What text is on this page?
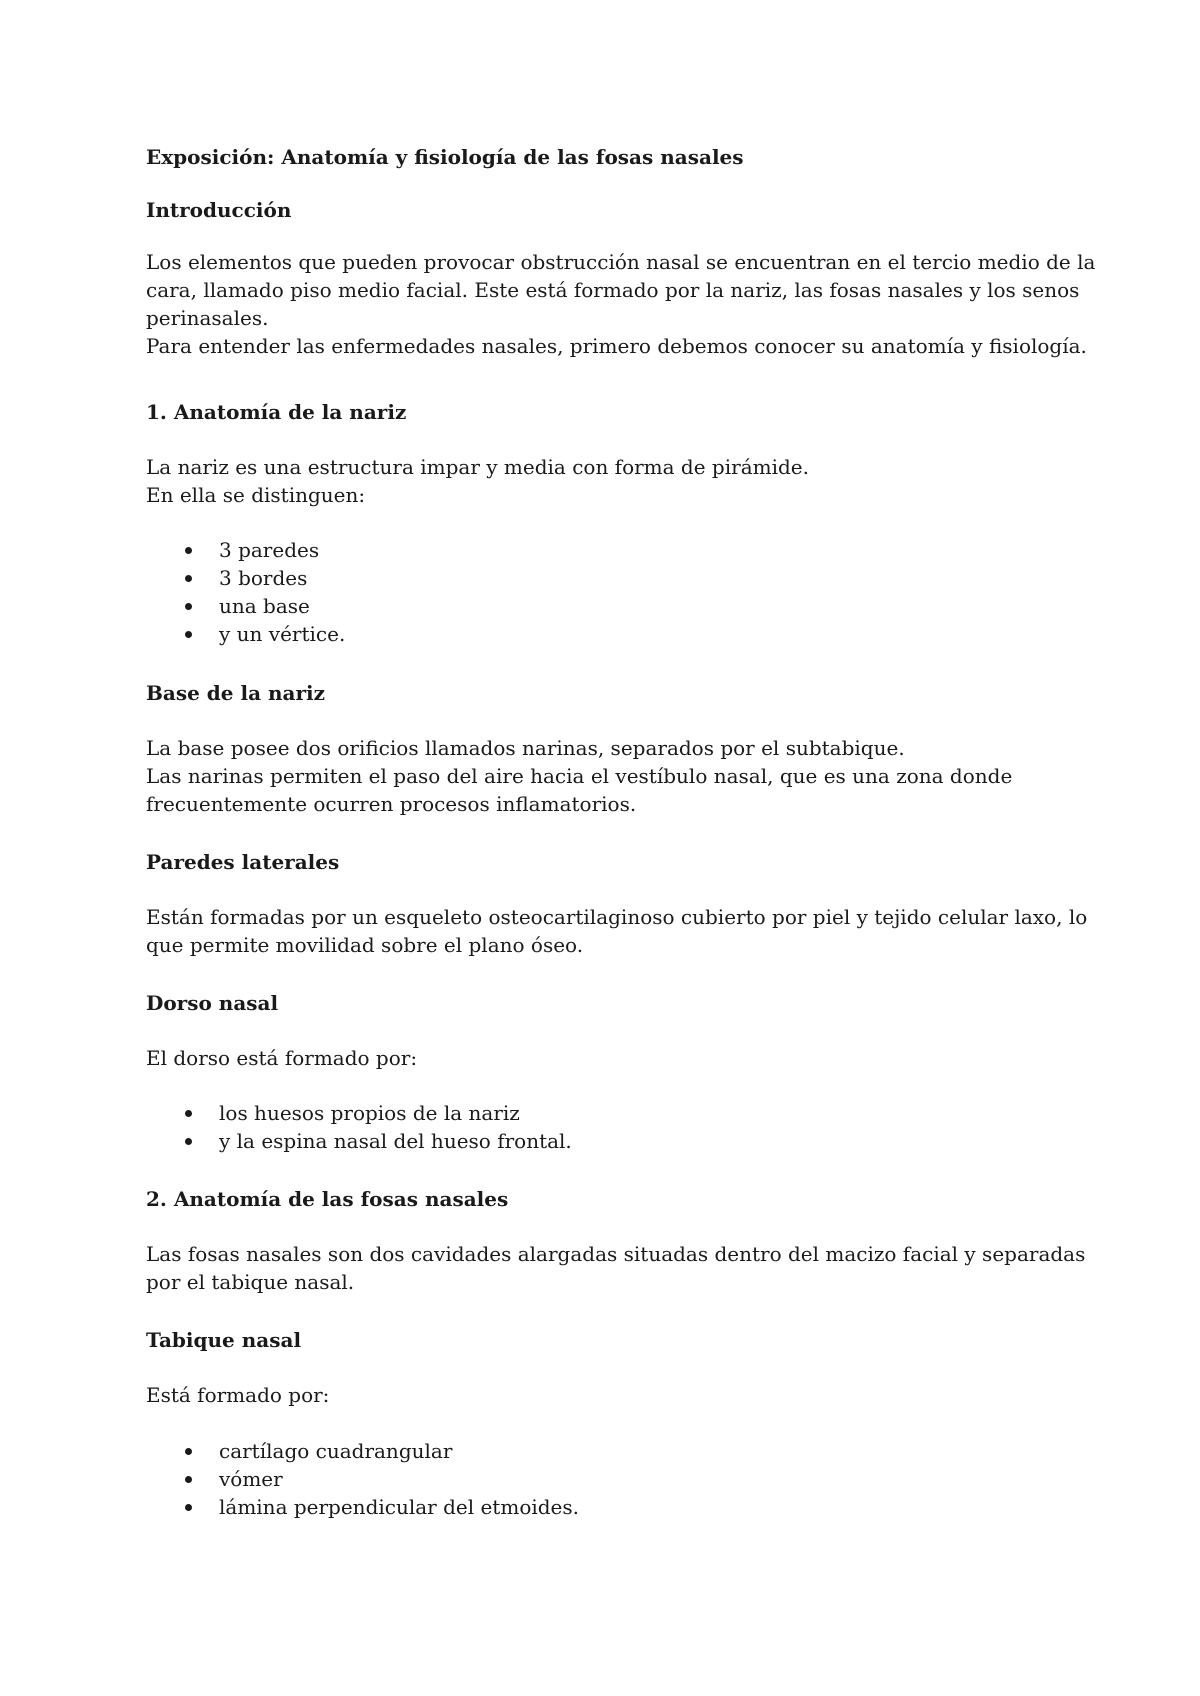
Exposición: Anatomía y fisiología de las fosas nasales
Introducción

Los elementos que pueden provocar obstrucción nasal se encuentran en el tercio medio de la
cara, llamado piso medio facial. Este está formado por la nariz, las fosas nasales y los senos
perinasales.
Para entender las enfermedades nasales, primero debemos conocer su anatomía y fisiología.

1. Anatomía de la nariz

La nariz es una estructura impar y media con forma de pirámide.
En ella se distinguen:

3 paredes
3 bordes
una base
y un vértice.
Base de la nariz

La base posee dos orificios llamados narinas, separados por el subtabique.
Las narinas permiten el paso del aire hacia el vestíbulo nasal, que es una zona donde
frecuentemente ocurren procesos inflamatorios.

Paredes laterales

Están formadas por un esqueleto osteocartilaginoso cubierto por piel y tejido celular laxo, lo
que permite movilidad sobre el plano óseo.

Dorso nasal

El dorso está formado por:

los huesos propios de la nariz
y la espina nasal del hueso frontal.
2. Anatomía de las fosas nasales

Las fosas nasales son dos cavidades alargadas situadas dentro del macizo facial y separadas
por el tabique nasal.

Tabique nasal

Está formado por:

cartílago cuadrangular
vómer
lámina perpendicular del etmoides.
